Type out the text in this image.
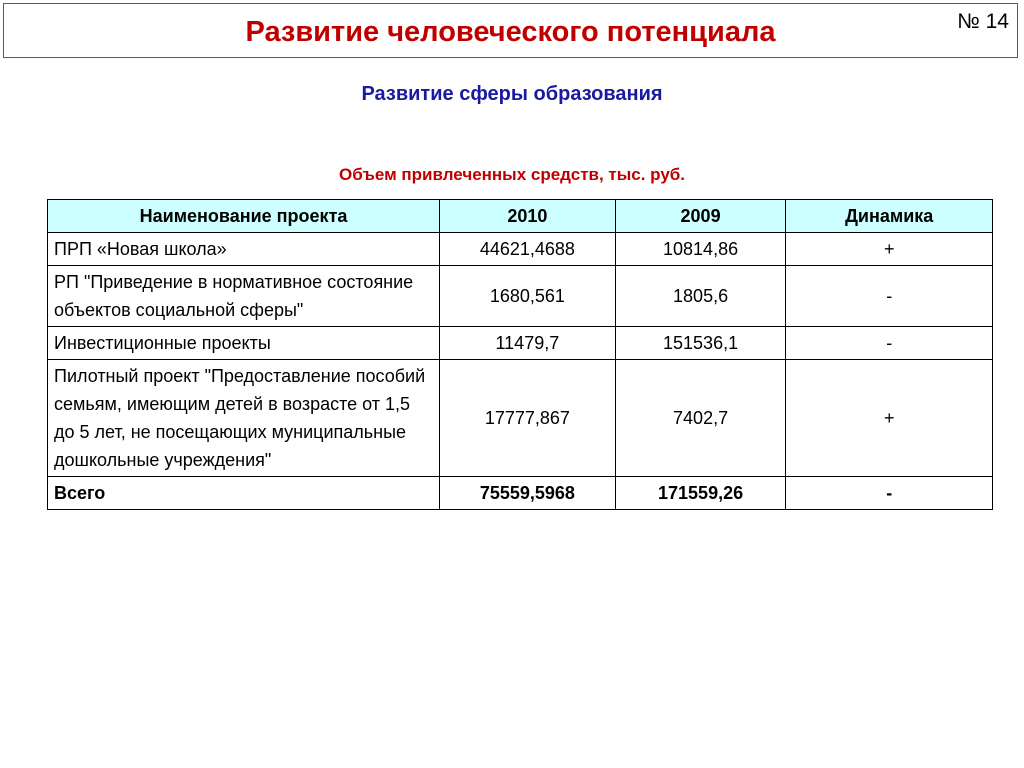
Развитие человеческого потенциала	№ 14
Развитие сферы образования
Объем привлеченных средств, тыс. руб.
Наименование проекта	2010	2009	Динамика
ПРП «Новая школа»	44621,4688	10814,86	+
РП "Приведение в нормативное состояние объектов социальной сферы"	1680,561	1805,6	-
Инвестиционные проекты	11479,7	151536,1	-
Пилотный проект "Предоставление пособий семьям, имеющим детей в возрасте от 1,5 до 5 лет, не посещающих муниципальные дошкольные учреждения"	17777,867	7402,7	+
Всего	75559,5968	171559,26	-
